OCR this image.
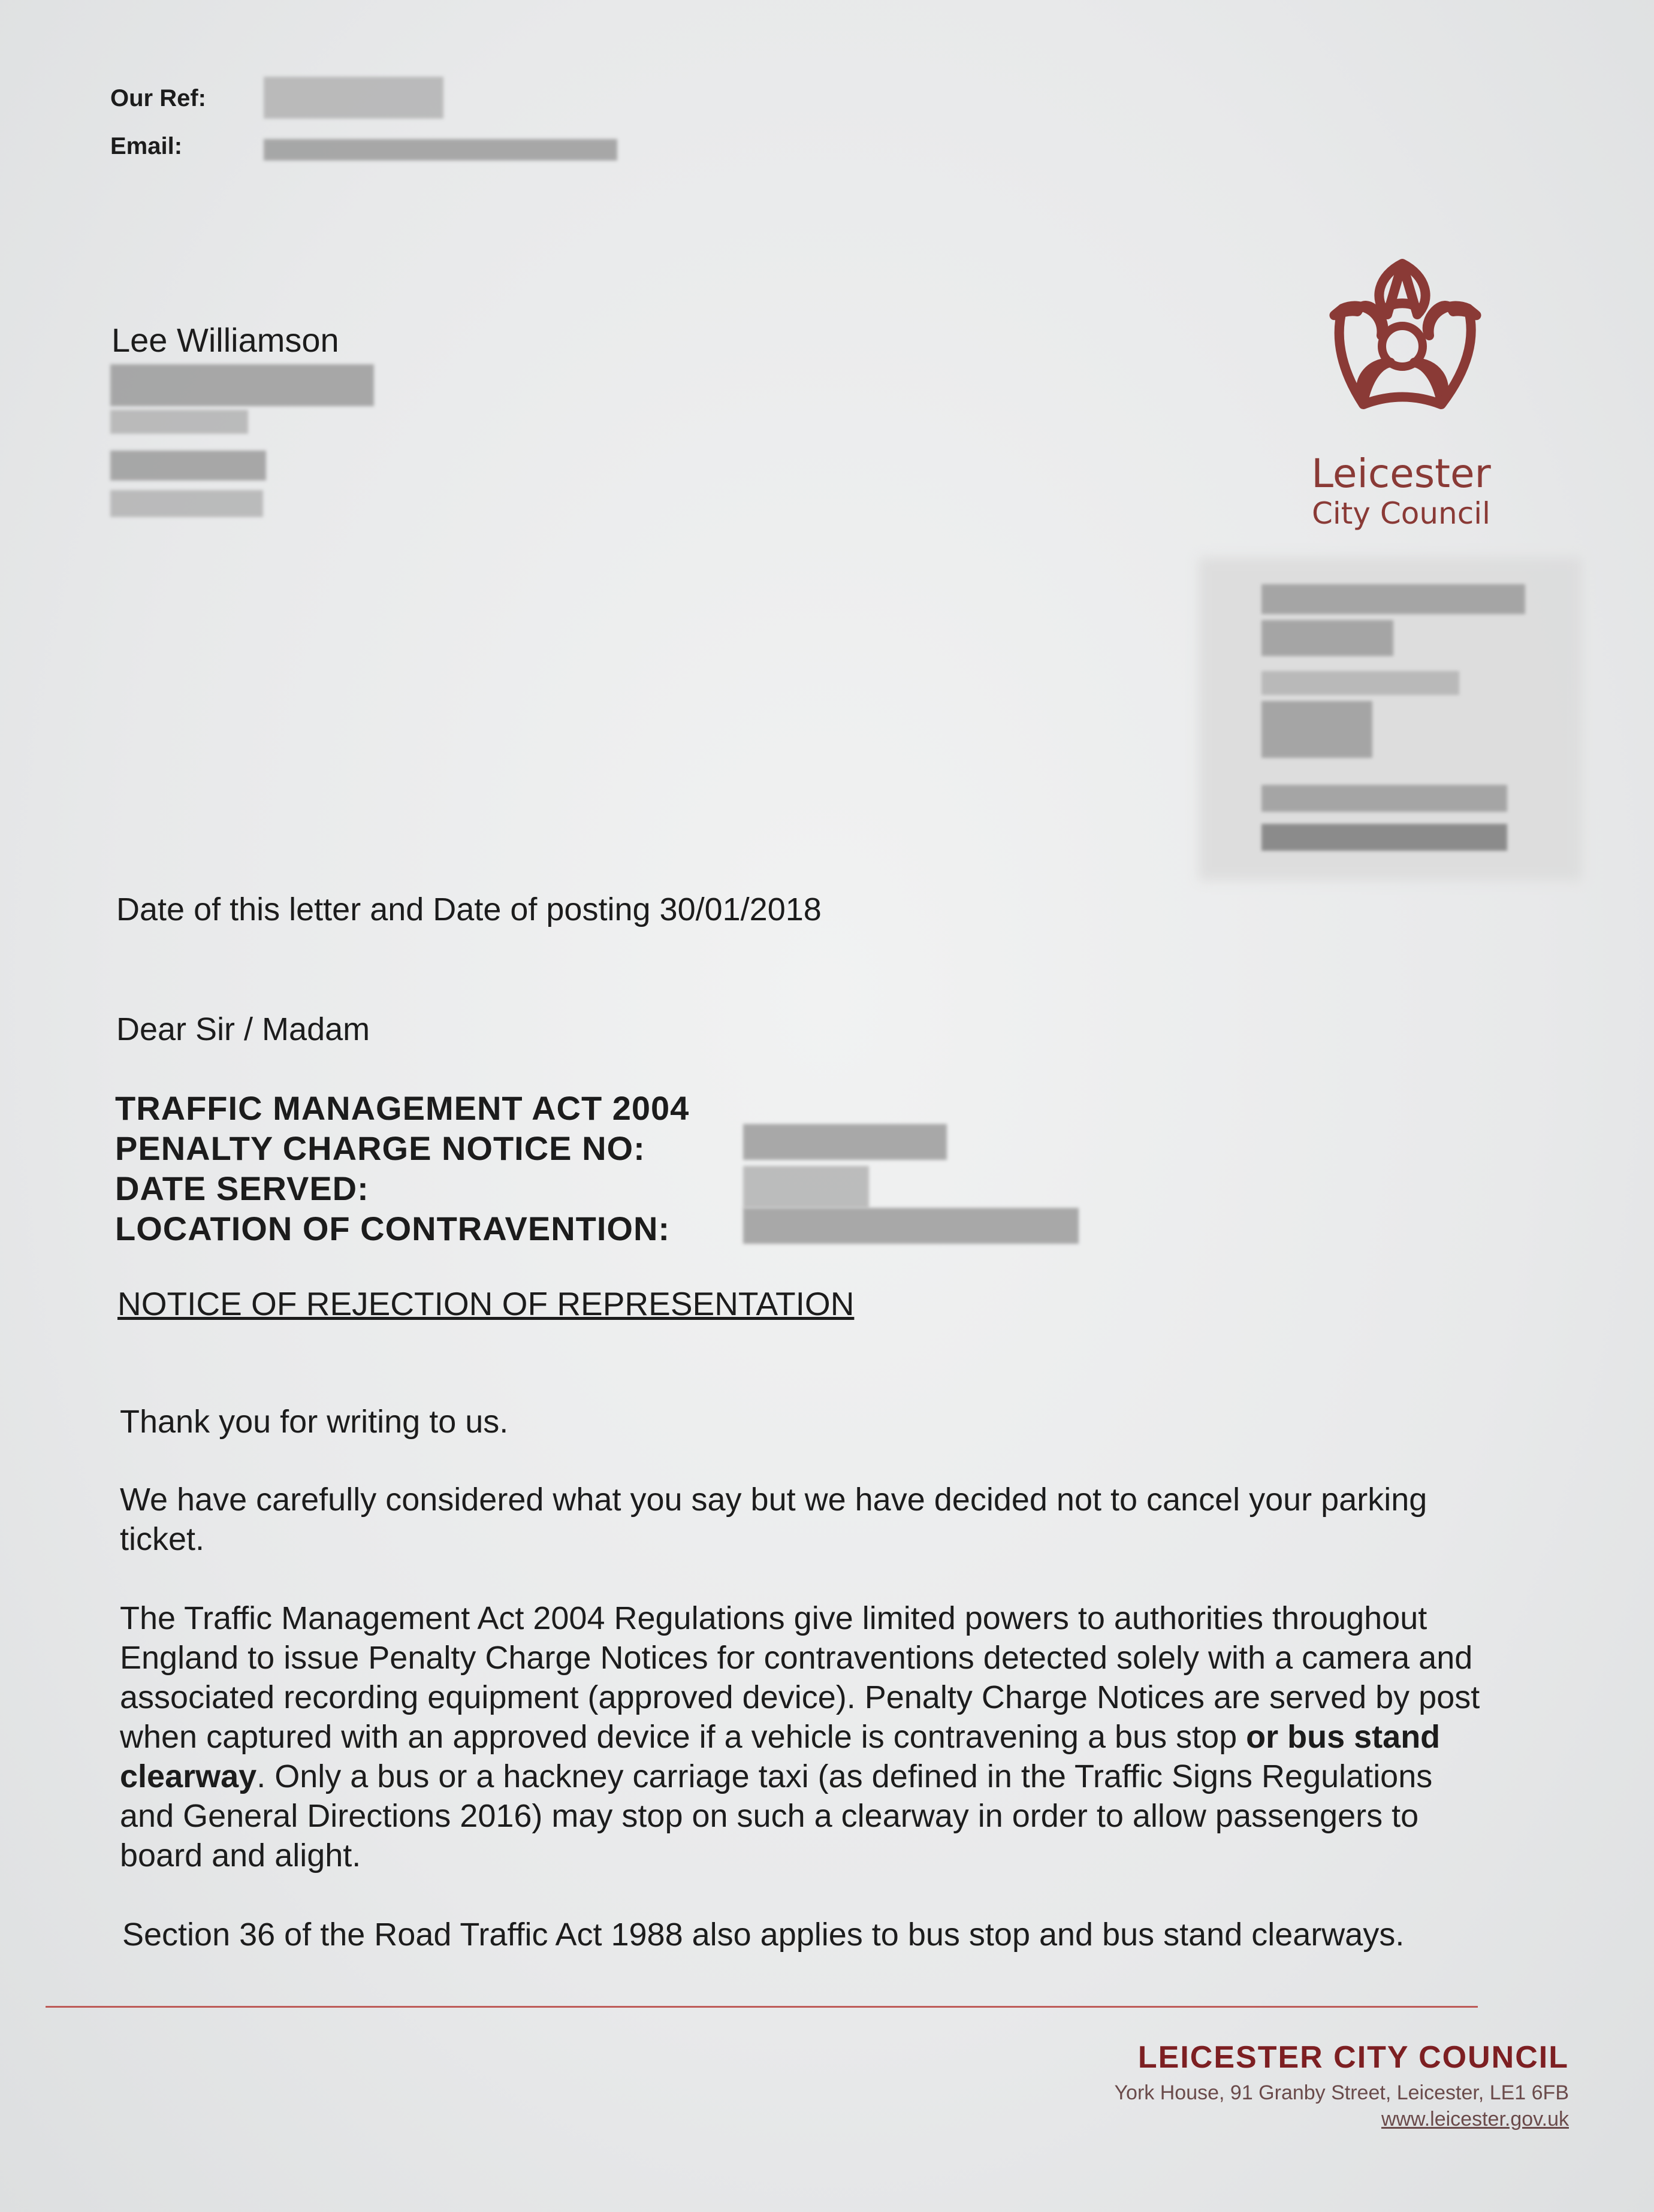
Our Ref:
Email:
Lee Williamson
Leicester
City Council
Date of this letter and Date of posting 30/01/2018
Dear Sir / Madam
TRAFFIC MANAGEMENT ACT 2004
PENALTY CHARGE NOTICE NO:
DATE SERVED:
LOCATION OF CONTRAVENTION:
NOTICE OF REJECTION OF REPRESENTATION
Thank you for writing to us.
We have carefully considered what you say but we have decided not to cancel your parking ticket.
The Traffic Management Act 2004 Regulations give limited powers to authorities throughout England to issue Penalty Charge Notices for contraventions detected solely with a camera and associated recording equipment (approved device). Penalty Charge Notices are served by post when captured with an approved device if a vehicle is contravening a bus stop or bus stand clearway. Only a bus or a hackney carriage taxi (as defined in the Traffic Signs Regulations and General Directions 2016) may stop on such a clearway in order to allow passengers to board and alight.
Section 36 of the Road Traffic Act 1988 also applies to bus stop and bus stand clearways.
LEICESTER CITY COUNCIL
York House, 91 Granby Street, Leicester, LE1 6FB
www.leicester.gov.uk
